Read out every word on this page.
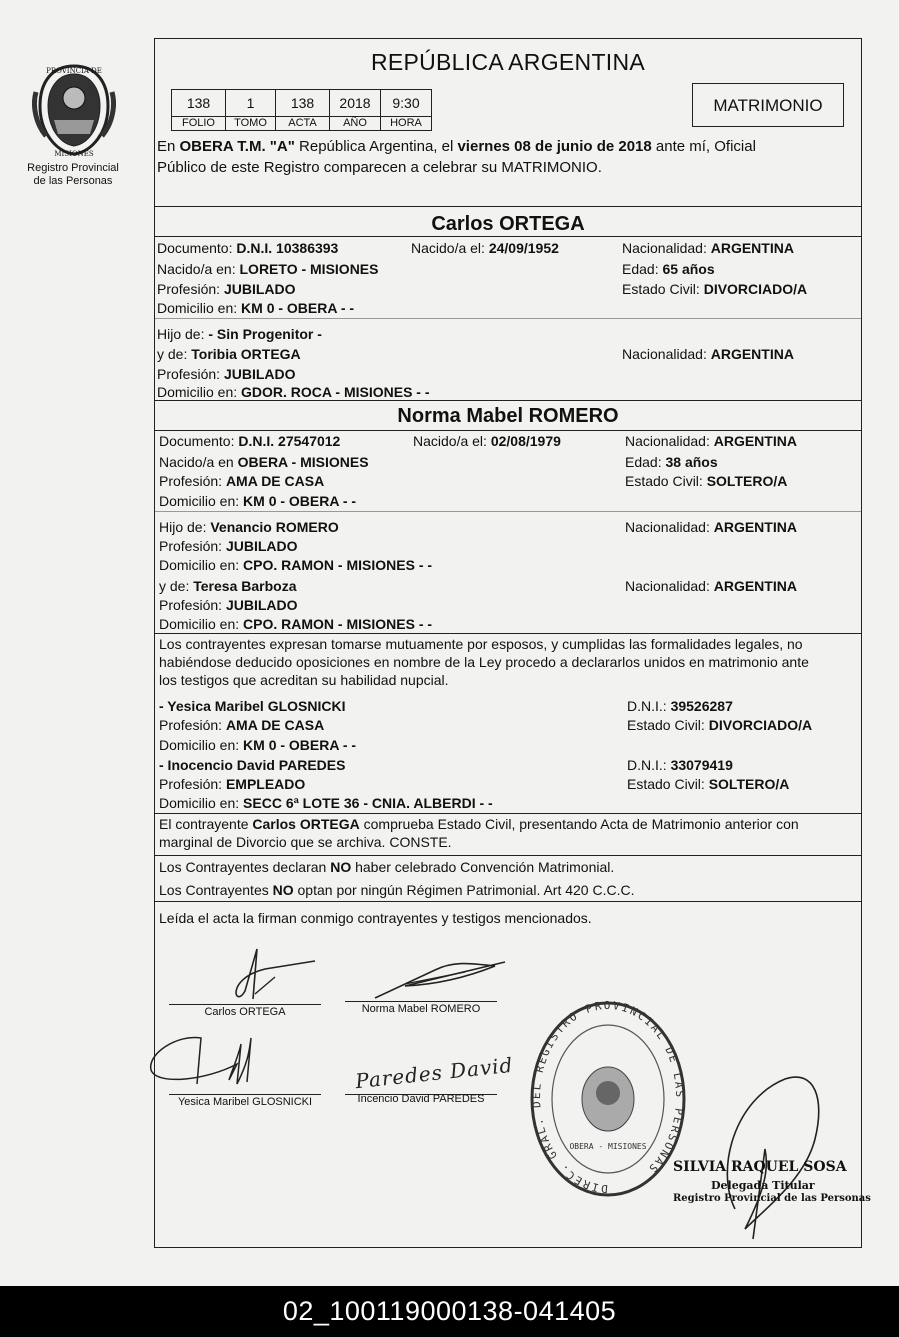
PROVINCIA DE
MISIONES
Registro Provincial
de las Personas
REPÚBLICA ARGENTINA
138	1	138	2018	9:30
FOLIO	TOMO	ACTA	AÑO	HORA
MATRIMONIO
En OBERA T.M. "A" República Argentina, el viernes 08 de junio de 2018 ante mí, Oficial
Público de este Registro comparecen a celebrar su MATRIMONIO.
Carlos ORTEGA
Documento: D.N.I. 10386393	Nacido/a el: 24/09/1952	Nacionalidad: ARGENTINA
Nacido/a en: LORETO - MISIONES	Edad: 65 años
Profesión: JUBILADO	Estado Civil: DIVORCIADO/A
Domicilio en: KM 0 - OBERA - -
Hijo de: - Sin Progenitor -
y de: Toribia ORTEGA	Nacionalidad: ARGENTINA
Profesión: JUBILADO
Domicilio en: GDOR. ROCA - MISIONES - -
Norma Mabel ROMERO
Documento: D.N.I. 27547012	Nacido/a el: 02/08/1979	Nacionalidad: ARGENTINA
Nacido/a en OBERA - MISIONES	Edad: 38 años
Profesión: AMA DE CASA	Estado Civil: SOLTERO/A
Domicilio en: KM 0 - OBERA - -
Hijo de: Venancio ROMERO	Nacionalidad: ARGENTINA
Profesión: JUBILADO
Domicilio en: CPO. RAMON - MISIONES - -
y de: Teresa Barboza	Nacionalidad: ARGENTINA
Profesión: JUBILADO
Domicilio en: CPO. RAMON - MISIONES - -
Los contrayentes expresan tomarse mutuamente por esposos, y cumplidas las formalidades legales, no
habiéndose deducido oposiciones en nombre de la Ley procedo a declararlos unidos en matrimonio ante
los testigos que acreditan su habilidad nupcial.
- Yesica Maribel GLOSNICKI	D.N.I.: 39526287
Profesión: AMA DE CASA	Estado Civil: DIVORCIADO/A
Domicilio en: KM 0 - OBERA - -
- Inocencio David PAREDES	D.N.I.: 33079419
Profesión: EMPLEADO	Estado Civil: SOLTERO/A
Domicilio en: SECC 6ª LOTE 36 - CNIA. ALBERDI - -
El contrayente Carlos ORTEGA comprueba Estado Civil, presentando Acta de Matrimonio anterior con
marginal de Divorcio que se archiva. CONSTE.
Los Contrayentes declaran NO haber celebrado Convención Matrimonial.
Los Contrayentes NO optan por ningún Régimen Patrimonial. Art 420 C.C.C.
Leída el acta la firman conmigo contrayentes y testigos mencionados.
Carlos ORTEGA	Norma Mabel ROMERO
Yesica Maribel GLOSNICKI
Paredes David
Incencio David PAREDES
DIREC. GRAL. DEL REGISTRO PROVINCIAL DE LAS PERSONAS
OBERA - MISIONES
SILVIA RAQUEL SOSA
Delegada Titular
Registro Provincial de las Personas
02_100119000138-041405
